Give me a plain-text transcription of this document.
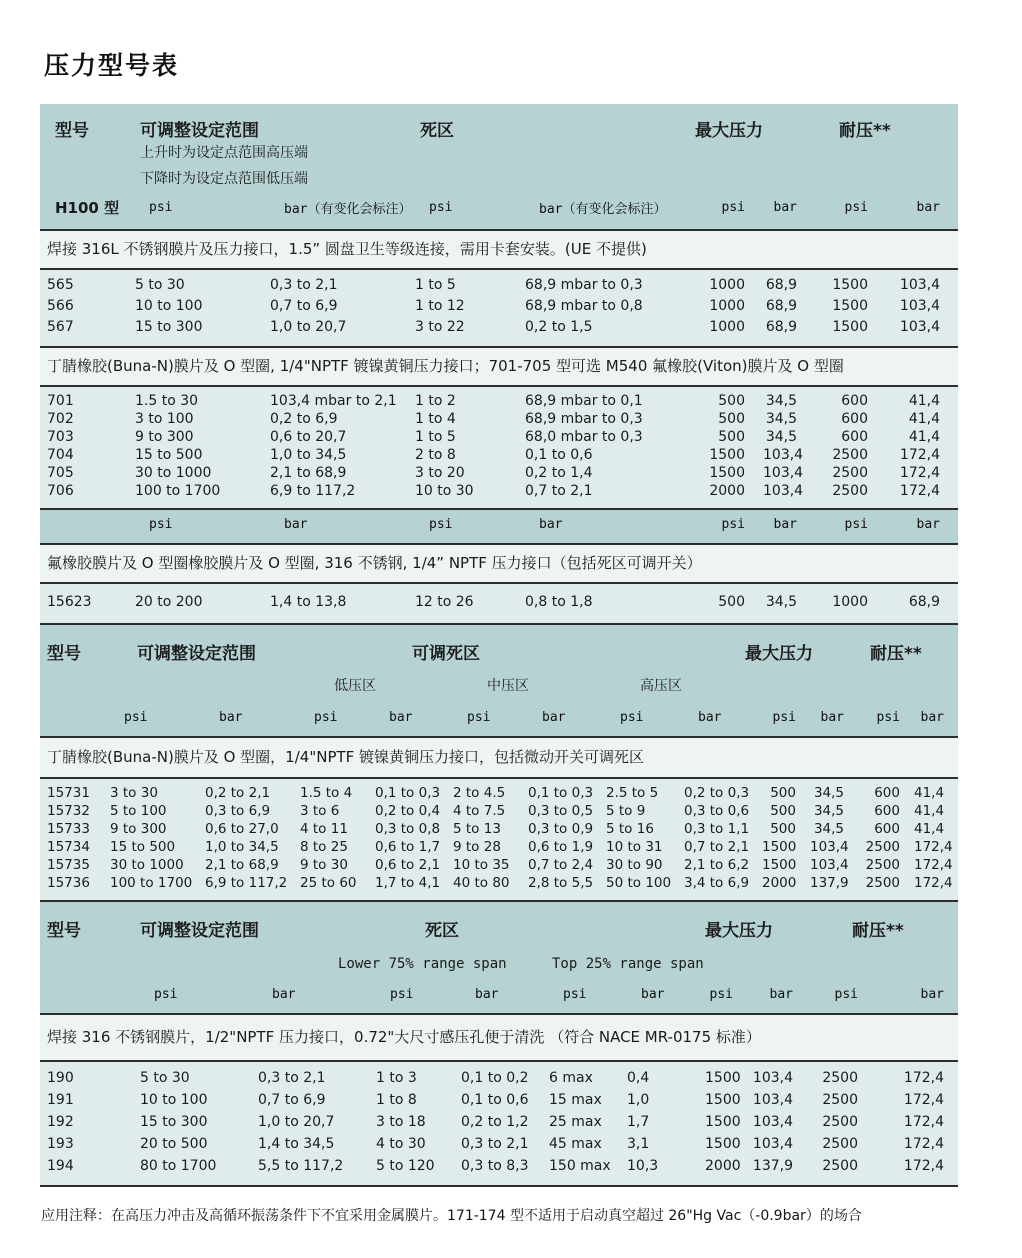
压力型号表
型号 可调整设定范围 死区 最大压力 耐压**								

上升时为设定点范围高压端								

下降时为设定点范围低压端								

H100 型	psi	bar（有变化会标注）	psi	bar（有变化会标注）	psi	bar	psi	bar
焊接 316L 不锈钢膜片及压力接口，1.5” 圆盘卫生等级连接，需用卡套安装。(UE 不提供)								
565	5 to 30	0,3 to 2,1	1 to 5	68,9 mbar to 0,3	1000	68,9	1500	103,4
566	10 to 100	0,7 to 6,9	1 to 12	68,9 mbar to 0,8	1000	68,9	1500	103,4
567	15 to 300	1,0 to 20,7	3 to 22	0,2 to 1,5	1000	68,9	1500	103,4
丁腈橡胶(Buna-N)膜片及 O 型圈, 1/4"NPTF 镀镍黄铜压力接口；701-705 型可选 M540 氟橡胶(Viton)膜片及 O 型圈								
701	1.5 to 30	103,4 mbar to 2,1	1 to 2	68,9 mbar to 0,1	500	34,5	600	41,4
702	3 to 100	0,2 to 6,9	1 to 4	68,9 mbar to 0,3	500	34,5	600	41,4
703	9 to 300	0,6 to 20,7	1 to 5	68,0 mbar to 0,3	500	34,5	600	41,4
704	15 to 500	1,0 to 34,5	2 to 8	0,1 to 0,6	1500	103,4	2500	172,4
705	30 to 1000	2,1 to 68,9	3 to 20	0,2 to 1,4	1500	103,4	2500	172,4
706	100 to 1700	6,9 to 117,2	10 to 30	0,7 to 2,1	2000	103,4	2500	172,4
	psi	bar	psi	bar	psi	bar	psi	bar
氟橡胶膜片及 O 型圈橡胶膜片及 O 型圈, 316 不锈钢, 1/4” NPTF 压力接口（包括死区可调开关）								
15623	20 to 200	1,4 to 13,8	12 to 26	0,8 to 1,8	500	34,5	1000	68,9
型号 可调整设定范围 可调死区 最大压力 耐压**												

			低压区		中压区		高压区					
	psi	bar	psi	bar	psi	bar	psi	bar	psi	bar	psi	bar
丁腈橡胶(Buna-N)膜片及 O 型圈，1/4"NPTF 镀镍黄铜压力接口，包括微动开关可调死区												
15731	3 to 30	0,2 to 2,1	1.5 to 4	0,1 to 0,3	2 to 4.5	0,1 to 0,3	2.5 to 5	0,2 to 0,3	500	34,5	600	41,4
15732	5 to 100	0,3 to 6,9	3 to 6	0,2 to 0,4	4 to 7.5	0,3 to 0,5	5 to 9	0,3 to 0,6	500	34,5	600	41,4
15733	9 to 300	0,6 to 27,0	4 to 11	0,3 to 0,8	5 to 13	0,3 to 0,9	5 to 16	0,3 to 1,1	500	34,5	600	41,4
15734	15 to 500	1,0 to 34,5	8 to 25	0,6 to 1,7	9 to 28	0,6 to 1,9	10 to 31	0,7 to 2,1	1500	103,4	2500	172,4
15735	30 to 1000	2,1 to 68,9	9 to 30	0,6 to 2,1	10 to 35	0,7 to 2,4	30 to 90	2,1 to 6,2	1500	103,4	2500	172,4
15736	100 to 1700	6,9 to 117,2	25 to 60	1,7 to 4,1	40 to 80	2,8 to 5,5	50 to 100	3,4 to 6,9	2000	137,9	2500	172,4
型号 可调整设定范围 死区 最大压力 耐压**										

		Lower 75% range span			Top 25% range span					
	psi	bar	psi	bar	psi	bar	psi	bar	psi	bar
焊接 316 不锈钢膜片，1/2"NPTF 压力接口，0.72"大尺寸感压孔便于清洗 （符合 NACE MR-0175 标准）										
190	5 to 30	0,3 to 2,1	1 to 3	0,1 to 0,2	6 max	0,4	1500	103,4	2500	172,4
191	10 to 100	0,7 to 6,9	1 to 8	0,1 to 0,6	15 max	1,0	1500	103,4	2500	172,4
192	15 to 300	1,0 to 20,7	3 to 18	0,2 to 1,2	25 max	1,7	1500	103,4	2500	172,4
193	20 to 500	1,4 to 34,5	4 to 30	0,3 to 2,1	45 max	3,1	1500	103,4	2500	172,4
194	80 to 1700	5,5 to 117,2	5 to 120	0,3 to 8,3	150 max	10,3	2000	137,9	2500	172,4

应用注释：在高压力冲击及高循环振荡条件下不宜采用金属膜片。171-174 型不适用于启动真空超过 26"Hg Vac（-0.9bar）的场合
